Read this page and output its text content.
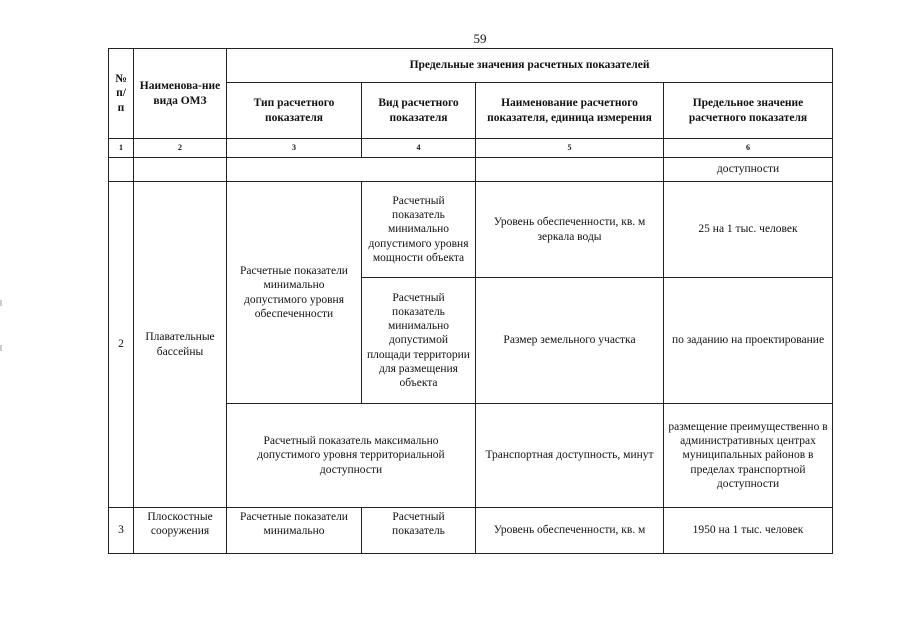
59
№ п/п	Наименова-ние вида ОМЗ	Предельные значения расчетных показателей			
		Тип расчетного показателя	Вид расчетного показателя	Наименование расчетного показателя, единица измерения	Предельное значение расчетного показателя
1	2	3	4	5	6
					доступности
2	Плавательные бассейны	Расчетные показатели минимально допустимого уровня обеспеченности	Расчетный показатель минимально допустимого уровня мощности объекта	Уровень обеспеченности, кв. м зеркала воды	25 на 1 тыс. человек
			Расчетный показатель минимально допустимой площади территории для размещения объекта	Размер земельного участка	по заданию на проектирование
		Расчетный показатель максимально допустимого уровня территориальной доступности		Транспортная доступность, минут	размещение преимущественно в административных центрах муниципальных районов в пределах транспортной доступности
3	Плоскостные сооружения	Расчетные показатели минимально	Расчетный показатель	Уровень обеспеченности, кв. м	1950 на 1 тыс. человек
